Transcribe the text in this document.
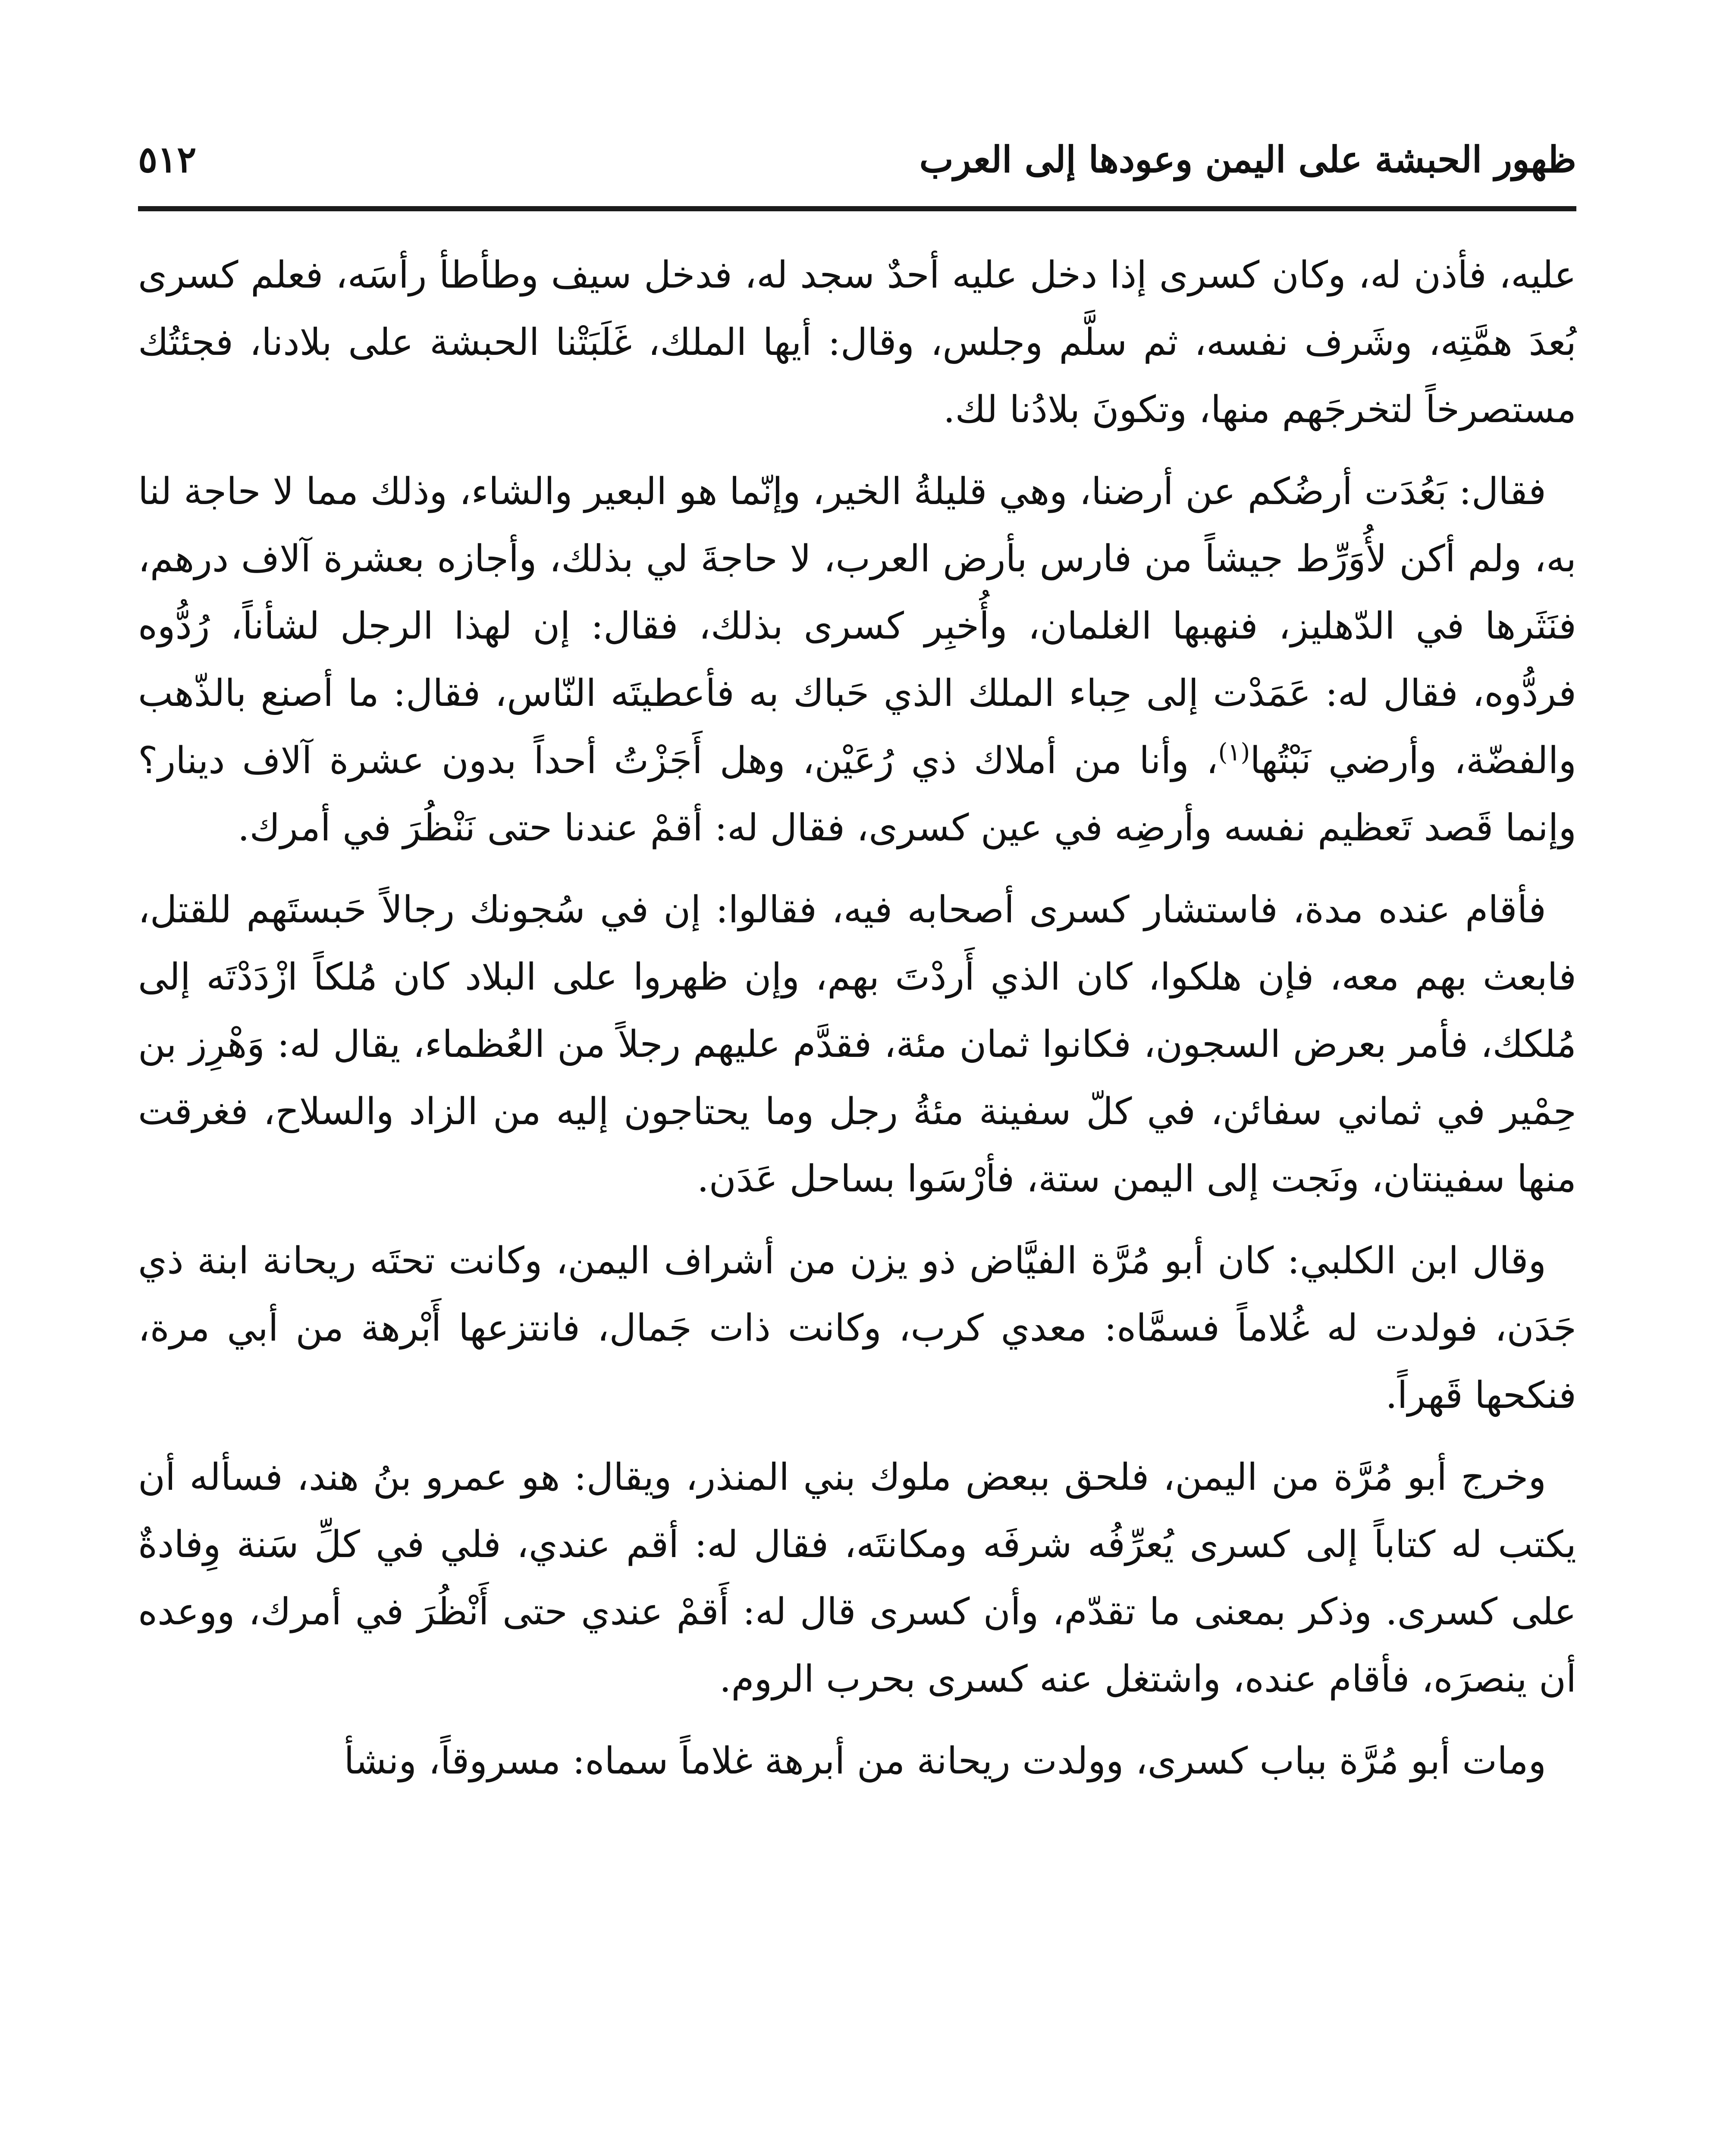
ظهور الحبشة على اليمن وعودها إلى العرب
٥١٢

عليه، فأذن له، وكان كسرى إذا دخل عليه أحدٌ سجد له، فدخل سيف وطأطأ رأسَه، فعلم كسرى بُعدَ همَّتِه، وشَرف نفسه، ثم سلَّم وجلس، وقال: أيها الملك، غَلَبَتْنا الحبشة على بلادنا، فجئتُك مستصرخاً لتخرجَهم منها، وتكونَ بلادُنا لك.

فقال: بَعُدَت أرضُكم عن أرضنا، وهي قليلةُ الخير، وإنّما هو البعير والشاء، وذلك مما لا حاجة لنا به، ولم أكن لأُوَرِّط جيشاً من فارس بأرض العرب، لا حاجةَ لي بذلك، وأجازه بعشرة آلاف درهم، فنَثَرها في الدّهليز، فنهبها الغلمان، وأُخبِر كسرى بذلك، فقال: إن لهذا الرجل لشأناً، رُدُّوه فردُّوه، فقال له: عَمَدْت إلى حِباء الملك الذي حَباك به فأعطيتَه النّاس، فقال: ما أصنع بالذّهب والفضّة، وأرضي نَبْتُها$^{(١)}$، وأنا من أملاك ذي رُعَيْن، وهل أَجَزْتُ أحداً بدون عشرة آلاف دينار؟ وإنما قَصد تَعظيم نفسه وأرضِه في عين كسرى، فقال له: أقمْ عندنا حتى نَنْظُرَ في أمرك.

فأقام عنده مدة، فاستشار كسرى أصحابه فيه، فقالوا: إن في سُجونك رجالاً حَبستَهم للقتل، فابعث بهم معه، فإن هلكوا، كان الذي أَردْتَ بهم، وإن ظهروا على البلاد كان مُلكاً ازْدَدْتَه إلى مُلكك، فأمر بعرض السجون، فكانوا ثمان مئة، فقدَّم عليهم رجلاً من العُظماء، يقال له: وَهْرِز بن حِمْير في ثماني سفائن، في كلّ سفينة مئةُ رجل وما يحتاجون إليه من الزاد والسلاح، فغرقت منها سفينتان، ونَجت إلى اليمن ستة، فأرْسَوا بساحل عَدَن.

وقال ابن الكلبي: كان أبو مُرَّة الفيَّاض ذو يزن من أشراف اليمن، وكانت تحتَه ريحانة ابنة ذي جَدَن، فولدت له غُلاماً فسمَّاه: معدي كرب، وكانت ذات جَمال، فانتزعها أَبْرهة من أبي مرة، فنكحها قَهراً.

وخرج أبو مُرَّة من اليمن، فلحق ببعض ملوك بني المنذر، ويقال: هو عمرو بنُ هند، فسأله أن يكتب له كتاباً إلى كسرى يُعرِّفُه شرفَه ومكانتَه، فقال له: أقم عندي، فلي في كلِّ سَنة وِفادةٌ على كسرى. وذكر بمعنى ما تقدّم، وأن كسرى قال له: أَقمْ عندي حتى أَنْظُرَ في أمرك، ووعده أن ينصرَه، فأقام عنده، واشتغل عنه كسرى بحرب الروم.

ومات أبو مُرَّة بباب كسرى، وولدت ريحانة من أبرهة غلاماً سماه: مسروقاً، ونشأ
